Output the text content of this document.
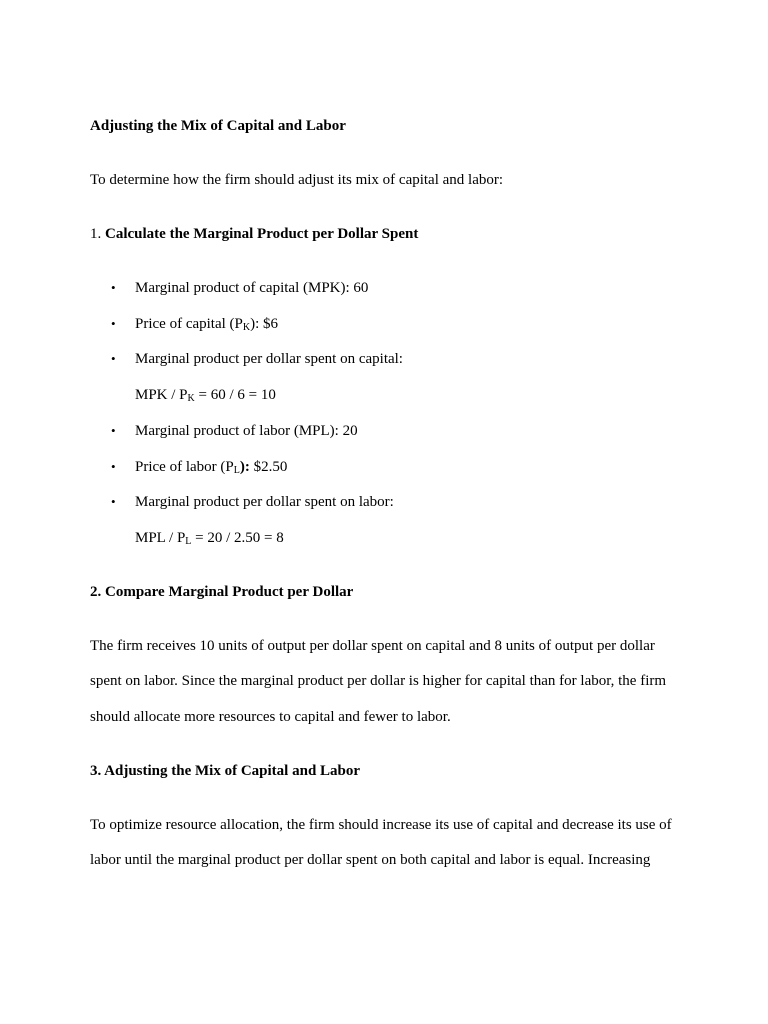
Adjusting the Mix of Capital and Labor
To determine how the firm should adjust its mix of capital and labor:
1. Calculate the Marginal Product per Dollar Spent
• Marginal product of capital (MPK): 60
• Price of capital $(P_K)$: $6
• Marginal product per dollar spent on capital:
MPK / $P_K = 60 / 6 = 10$
• Marginal product of labor (MPL): 20
• Price of labor $(P_L)$: $2.50
• Marginal product per dollar spent on labor:
MPL / $P_L = 20 / 2.50 = 8$
2. Compare Marginal Product per Dollar
The firm receives 10 units of output per dollar spent on capital and 8 units of output per dollar
spent on labor. Since the marginal product per dollar is higher for capital than for labor, the firm
should allocate more resources to capital and fewer to labor.
3. Adjusting the Mix of Capital and Labor
To optimize resource allocation, the firm should increase its use of capital and decrease its use of
labor until the marginal product per dollar spent on both capital and labor is equal. Increasing
